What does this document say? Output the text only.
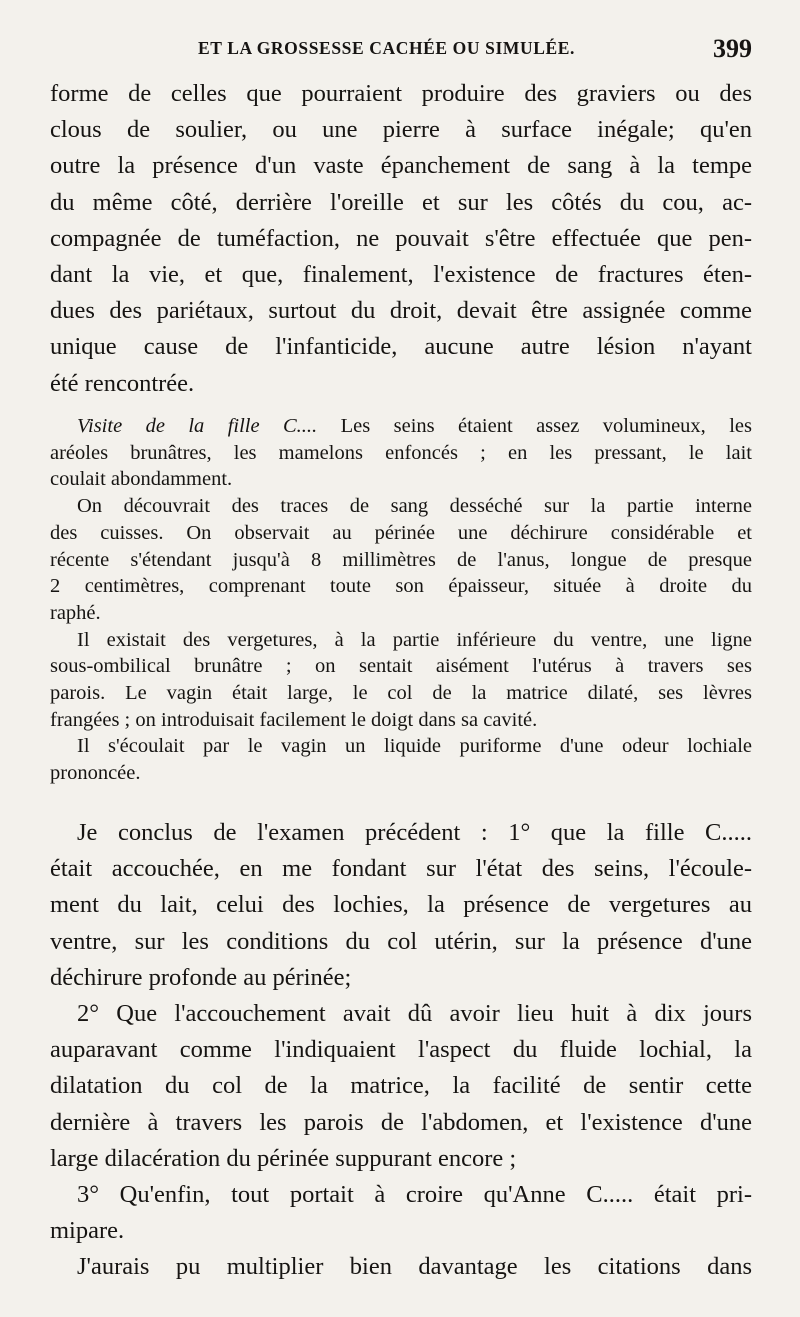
ET LA GROSSESSE CACHÉE OU SIMULÉE.	399

forme de celles que pourraient produire des graviers ou des

clous de soulier, ou une pierre à surface inégale; qu'en

outre la présence d'un vaste épanchement de sang à la tempe

du même côté, derrière l'oreille et sur les côtés du cou, ac-

compagnée de tuméfaction, ne pouvait s'être effectuée que pen-

dant la vie, et que, finalement, l'existence de fractures éten-

dues des pariétaux, surtout du droit, devait être assignée comme

unique cause de l'infanticide, aucune autre lésion n'ayant

été rencontrée.

Visite de la fille C.... Les seins étaient assez volumineux, les

aréoles brunâtres, les mamelons enfoncés ; en les pressant, le lait

coulait abondamment.

On découvrait des traces de sang desséché sur la partie interne

des cuisses. On observait au périnée une déchirure considérable et

récente s'étendant jusqu'à 8 millimètres de l'anus, longue de presque

2 centimètres, comprenant toute son épaisseur, située à droite du

raphé.

Il existait des vergetures, à la partie inférieure du ventre, une ligne

sous-ombilical brunâtre ; on sentait aisément l'utérus à travers ses

parois. Le vagin était large, le col de la matrice dilaté, ses lèvres

frangées ; on introduisait facilement le doigt dans sa cavité.

Il s'écoulait par le vagin un liquide puriforme d'une odeur lochiale

prononcée.

Je conclus de l'examen précédent : 1° que la fille C.....

était accouchée, en me fondant sur l'état des seins, l'écoule-

ment du lait, celui des lochies, la présence de vergetures au

ventre, sur les conditions du col utérin, sur la présence d'une

déchirure profonde au périnée;

2° Que l'accouchement avait dû avoir lieu huit à dix jours

auparavant comme l'indiquaient l'aspect du fluide lochial, la

dilatation du col de la matrice, la facilité de sentir cette

dernière à travers les parois de l'abdomen, et l'existence d'une

large dilacération du périnée suppurant encore ;

3° Qu'enfin, tout portait à croire qu'Anne C..... était pri-

mipare.

J'aurais pu multiplier bien davantage les citations dans
